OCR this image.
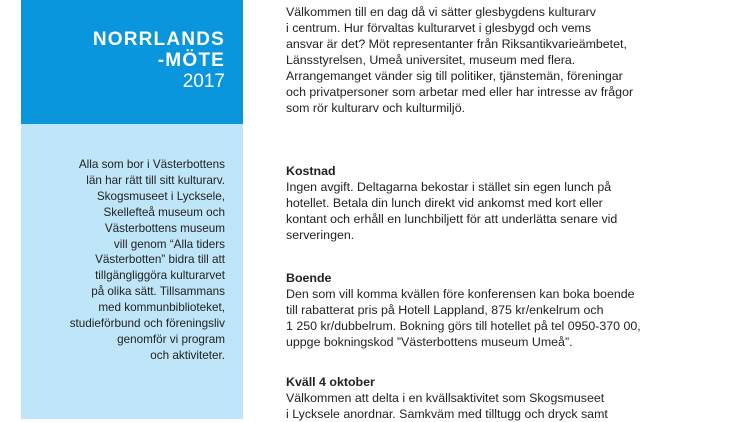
NORRLANDS
-MÖTE
2017
Alla som bor i Västerbottens
län har rätt till sitt kulturarv.
Skogsmuseet i Lycksele,
Skellefteå museum och
Västerbottens museum
vill genom “Alla tiders
Västerbotten” bidra till att
tillgängliggöra kulturarvet
på olika sätt. Tillsammans
med kommunbiblioteket,
studieförbund och föreningsliv
genomför vi program
och aktiviteter.
Välkommen till en dag då vi sätter glesbygdens kulturarv
i centrum. Hur förvaltas kulturarvet i glesbygd och vems
ansvar är det? Möt representanter från Riksantikvarieämbetet,
Länsstyrelsen, Umeå universitet, museum med flera.
Arrangemanget vänder sig till politiker, tjänstemän, föreningar
och privatpersoner som arbetar med eller har intresse av frågor
som rör kulturarv och kulturmiljö.
Kostnad
Ingen avgift. Deltagarna bekostar i stället sin egen lunch på
hotellet. Betala din lunch direkt vid ankomst med kort eller
kontant och erhåll en lunchbiljett för att underlätta senare vid
serveringen.
Boende
Den som vill komma kvällen före konferensen kan boka boende
till rabatterat pris på Hotell Lappland, 875 kr/enkelrum och
1 250 kr/dubbelrum. Bokning görs till hotellet på tel 0950-370 00,
uppge bokningskod ”Västerbottens museum Umeå”.
Kväll 4 oktober
Välkommen att delta i en kvällsaktivitet som Skogsmuseet
i Lycksele anordnar. Samkväm med tilltugg och dryck samt
